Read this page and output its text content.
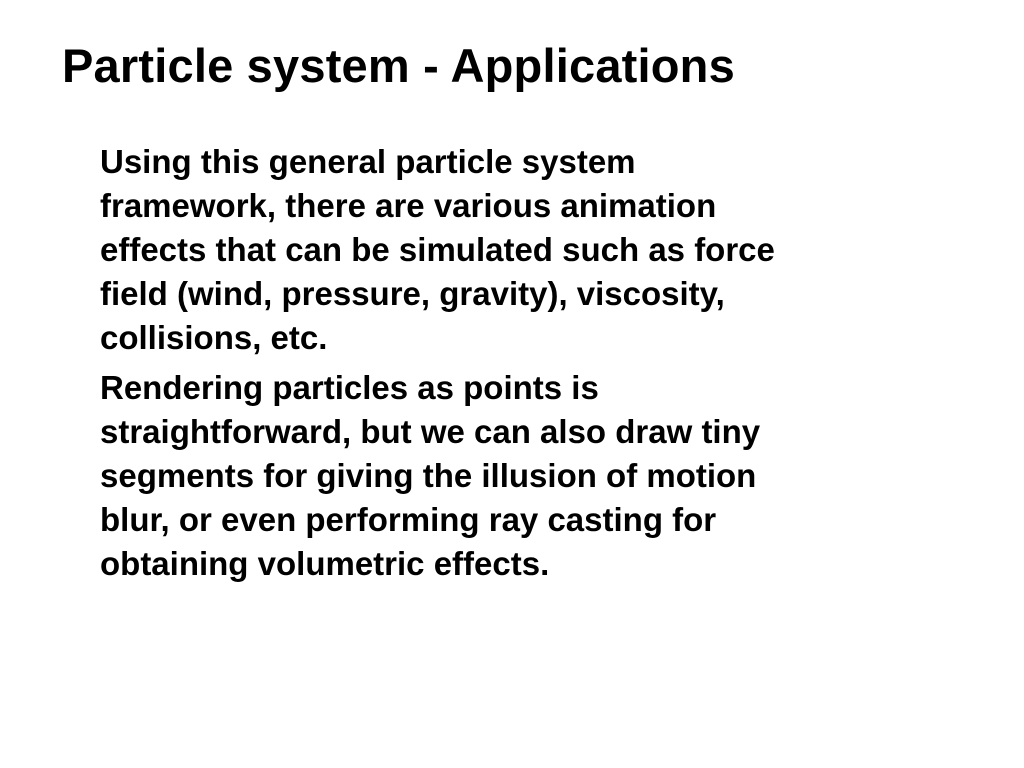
Particle system - Applications

Using this general particle system
framework, there are various animation
effects that can be simulated such as force
field (wind, pressure, gravity), viscosity,
collisions, etc.

Rendering particles as points is
straightforward, but we can also draw tiny
segments for giving the illusion of motion
blur, or even performing ray casting for
obtaining volumetric effects.
